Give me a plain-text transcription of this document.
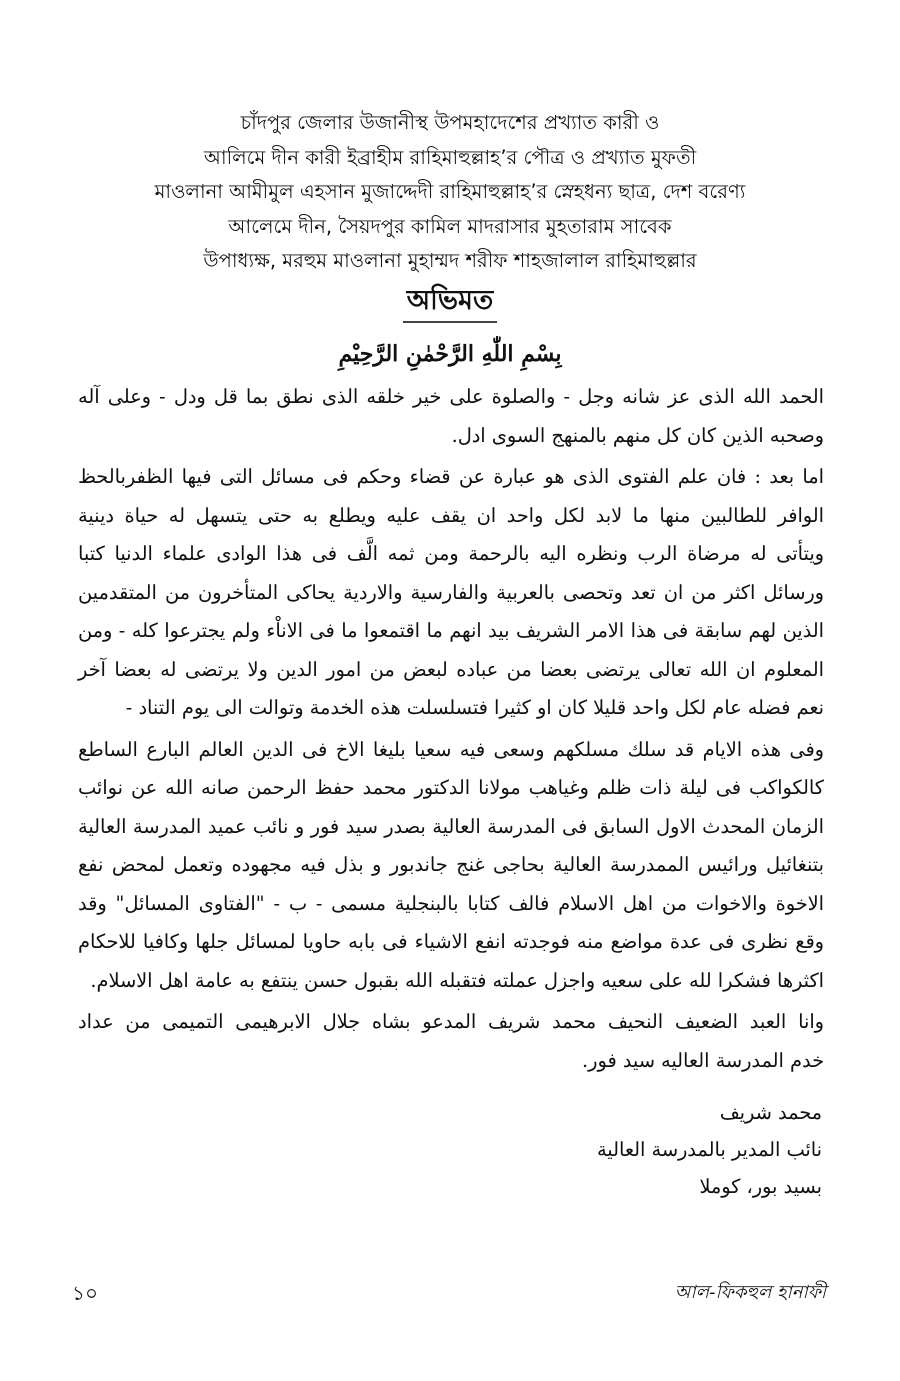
চাঁদপুর জেলার উজানীস্থ উপমহাদেশের প্রখ্যাত কারী ও
আলিমে দীন কারী ইব্রাহীম রাহিমাহুল্লাহ’র পৌত্র ও প্রখ্যাত মুফতী
মাওলানা আমীমুল এহসান মুজাদ্দেদী রাহিমাহুল্লাহ’র স্নেহধন্য ছাত্র, দেশ বরেণ্য
আলেমে দীন, সৈয়দপুর কামিল মাদরাসার মুহতারাম সাবেক
উপাধ্যক্ষ, মরহুম মাওলানা মুহাম্মদ শরীফ শাহজালাল রাহিমাহুল্লার
অভিমত
بِسْمِ اللّٰهِ الرَّحْمٰنِ الرَّحِيْمِ

الحمد الله الذى عز شانه وجل - والصلوة على خير خلقه الذى نطق بما قل ودل - وعلى آله
وصحبه الذين كان كل منهم بالمنهج السوى ادل.

اما بعد : فان علم الفتوى الذى هو عبارة عن قضاء وحكم فى مسائل التى فيها الظفربالحظ
الوافر للطالبين منها ما لابد لكل واحد ان يقف عليه ويطلع به حتى يتسهل له حياة دينية
ويتأتى له مرضاة الرب ونظره اليه بالرحمة ومن ثمه الَّف فى هذا الوادى علماء الدنيا كتبا
ورسائل اكثر من ان تعد وتحصى بالعربية والفارسية والاردية يحاكى المتأخرون من المتقدمين
الذين لهم سابقة فى هذا الامر الشريف بيد انهم ما اقتمعوا ما فى الاناْء ولم يجترعوا كله - ومن
المعلوم ان الله تعالى يرتضى بعضا من عباده لبعض من امور الدين ولا يرتضى له بعضا آخر
نعم فضله عام لكل واحد قليلا كان او كثيرا فتسلسلت هذه الخدمة وتوالت الى يوم التناد -

وفى هذه الايام قد سلك مسلكهم وسعى فيه سعيا بليغا الاخ فى الدين العالم البارع الساطع
كالكواكب فى ليلة ذات ظلم وغياهب مولانا الدكتور محمد حفظ الرحمن صانه الله عن نوائب
الزمان المحدث الاول السابق فى المدرسة العالية بصدر سيد فور و نائب عميد المدرسة العالية
بتنغائيل ورائيس الممدرسة العالية بحاجى غنج جاندبور و بذل فيه مجهوده وتعمل لمحض نفع
الاخوة والاخوات من اهل الاسلام فالف كتابا بالبنجلية مسمى - ب - "الفتاوى المسائل" وقد
وقع نظرى فى عدة مواضع منه فوجدته انفع الاشياء فى بابه حاويا لمسائل جلها وكافيا للاحكام
اكثرها فشكرا لله على سعيه واجزل عملته فتقبله الله بقبول حسن ينتفع به عامة اهل الاسلام.

وانا العبد الضعيف النحيف محمد شريف المدعو بشاه جلال الابرهيمى التميمى من عداد
خدم المدرسة العاليه سيد فور.

محمد شريف
نائب المدير بالمدرسة العالية
بسيد بور، كوملا
১০	আল-ফিকহুল হানাফী
